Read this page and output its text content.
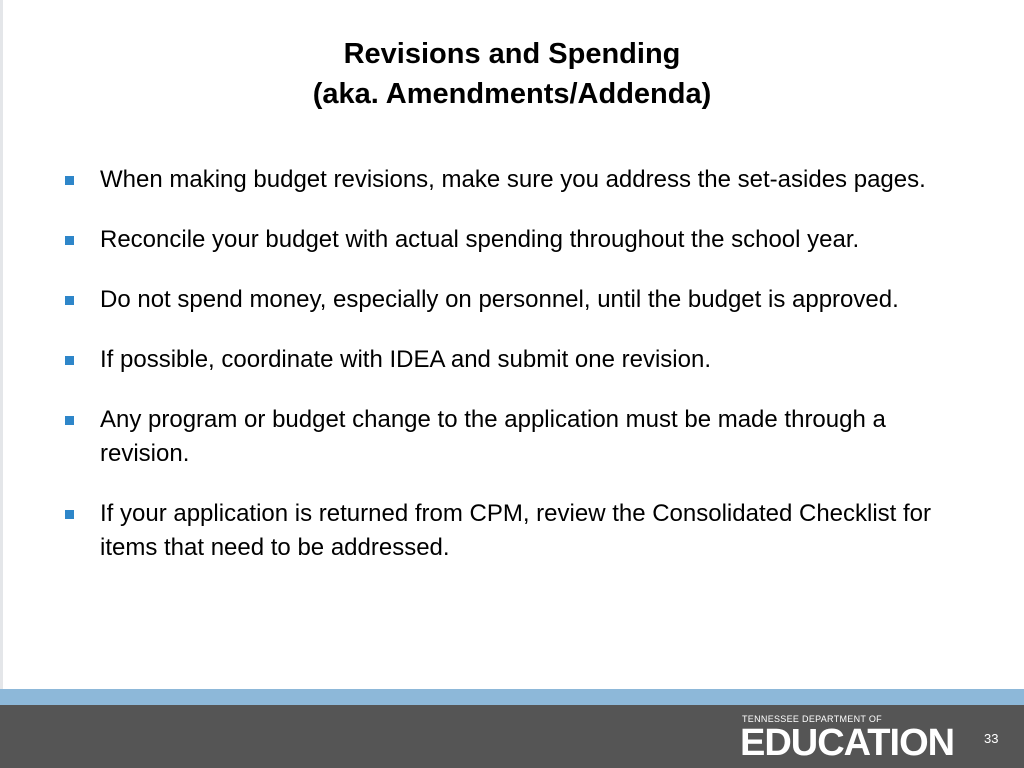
Revisions and Spending
(aka. Amendments/Addenda)
When making budget revisions, make sure you address the set-asides pages.
Reconcile your budget with actual spending throughout the school year.
Do not spend money, especially on personnel, until the budget is approved.
If possible, coordinate with IDEA and submit one revision.
Any program or budget change to the application must be made through a revision.
If your application is returned from CPM, review the Consolidated Checklist for items that need to be addressed.
TENNESSEE DEPARTMENT OF
EDUCATION 33
